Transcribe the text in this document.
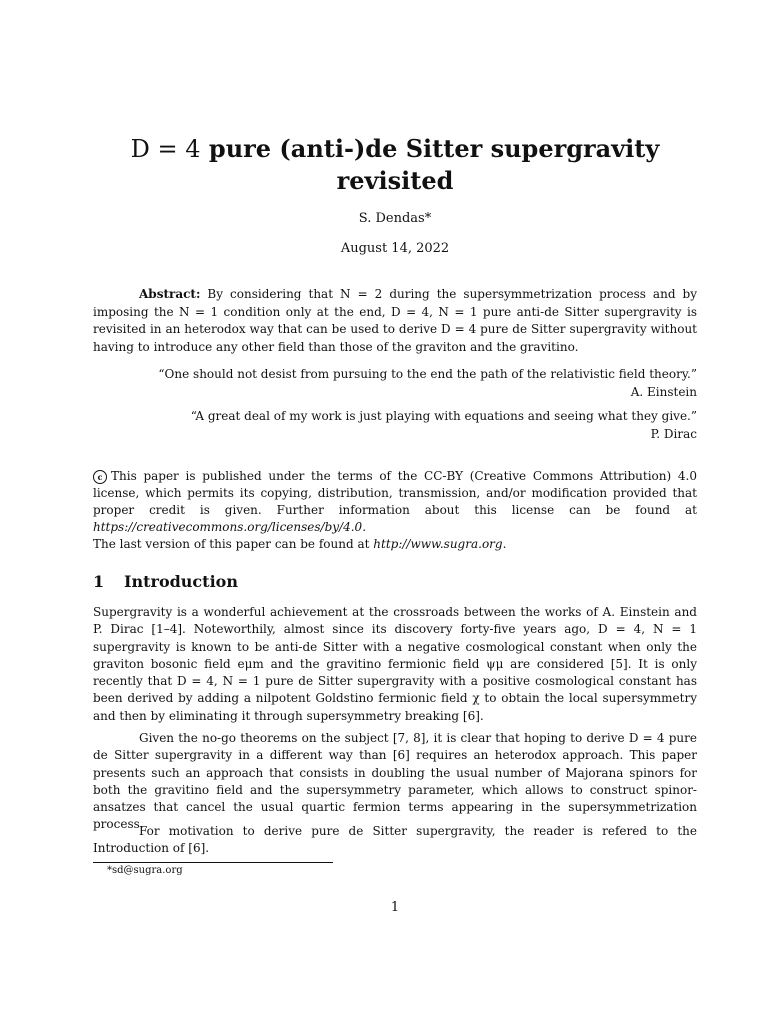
D = 4 pure (anti-)de Sitter supergravity revisited
S. Dendas*
August 14, 2022
Abstract: By considering that N = 2 during the supersymmetrization process and by imposing the N = 1 condition only at the end, D = 4, N = 1 pure anti-de Sitter supergravity is revisited in an heterodox way that can be used to derive D = 4 pure de Sitter supergravity without having to introduce any other field than those of the graviton and the gravitino.
“One should not desist from pursuing to the end the path of the relativistic field theory.”
A. Einstein
“A great deal of my work is just playing with equations and seeing what they give.”
P. Dirac
c This paper is published under the terms of the CC-BY (Creative Commons Attribution) 4.0 license, which permits its copying, distribution, transmission, and/or modification provided that proper credit is given. Further information about this license can be found at https://creativecommons.org/licenses/by/4.0.
The last version of this paper can be found at http://www.sugra.org.
1 Introduction
Supergravity is a wonderful achievement at the crossroads between the works of A. Einstein and P. Dirac [1–4]. Noteworthily, almost since its discovery forty-five years ago, D = 4, N = 1 supergravity is known to be anti-de Sitter with a negative cosmological constant when only the graviton bosonic field eμm and the gravitino fermionic field ψμ are considered [5]. It is only recently that D = 4, N = 1 pure de Sitter supergravity with a positive cosmological constant has been derived by adding a nilpotent Goldstino fermionic field χ to obtain the local supersymmetry and then by eliminating it through supersymmetry breaking [6].
Given the no-go theorems on the subject [7, 8], it is clear that hoping to derive D = 4 pure de Sitter supergravity in a different way than [6] requires an heterodox approach. This paper presents such an approach that consists in doubling the usual number of Majorana spinors for both the gravitino field and the supersymmetry parameter, which allows to construct spinor-ansatzes that cancel the usual quartic fermion terms appearing in the supersymmetrization process.
For motivation to derive pure de Sitter supergravity, the reader is refered to the Introduction of [6].
*sd@sugra.org
1
